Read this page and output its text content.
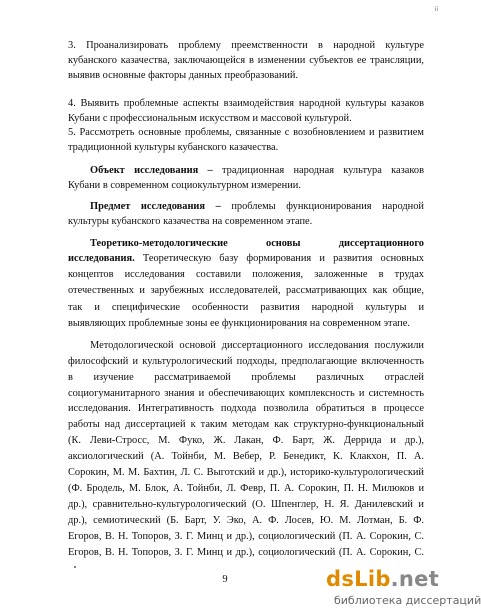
ii
3. Проанализировать проблему преемственности в народной культуре
кубанского казачества, заключающейся в изменении субъектов ее трансляции,
выявив основные факторы данных преобразований.
4. Выявить проблемные аспекты взаимодействия народной культуры казаков
Кубани с профессиональным искусством и массовой культурой.
5. Рассмотреть основные проблемы, связанные с возобновлением и развитием
традиционной культуры кубанского казачества.
Объект исследования – традиционная народная культура казаков
Кубани в современном социокультурном измерении.
Предмет исследования – проблемы функционирования народной
культуры кубанского казачества на современном этапе.
Теоретико-методологические основы диссертационного
исследования. Теоретическую базу формирования и развития основных
концептов исследования составили положения, заложенные в трудах
отечественных и зарубежных исследователей, рассматривающих как общие,
так и специфические особенности развития народной культуры и
выявляющих проблемные зоны ее функционирования на современном этапе.
Методологической основой диссертационного исследования послужили
философский и культурологический подходы, предполагающие включенность
в изучение рассматриваемой проблемы различных отраслей
социогуманитарного знания и обеспечивающих комплексность и системность
исследования. Интегративность подхода позволила обратиться в процессе
работы над диссертацией к таким методам как структурно-функциональный
(К. Леви-Стросс, М. Фуко, Ж. Лакан, Ф. Барт, Ж. Деррида и др.),
аксиологический (А. Тойнби, М. Вебер, Р. Бенедикт, К. Клакхон, П. А.
Сорокин, М. М. Бахтин, Л. С. Выготский и др.), историко-культурологический
(Ф. Бродель, М. Блок, А. Тойнби, Л. Февр, П. А. Сорокин, П. Н. Милюков и
др.), сравнительно-культурологический (О. Шпенглер, Н. Я. Данилевский и
др.), семиотический (Б. Барт, У. Эко, А. Ф. Лосев, Ю. М. Лотман, Б. Ф.
Егоров, В. Н. Топоров, З. Г. Минц и др.), социологический (П. А. Сорокин, С.
Егоров, В. Н. Топоров, З. Г. Минц и др.), социологический (П. А. Сорокин, С.
9	dsLib.net
библиотека диссертаций
